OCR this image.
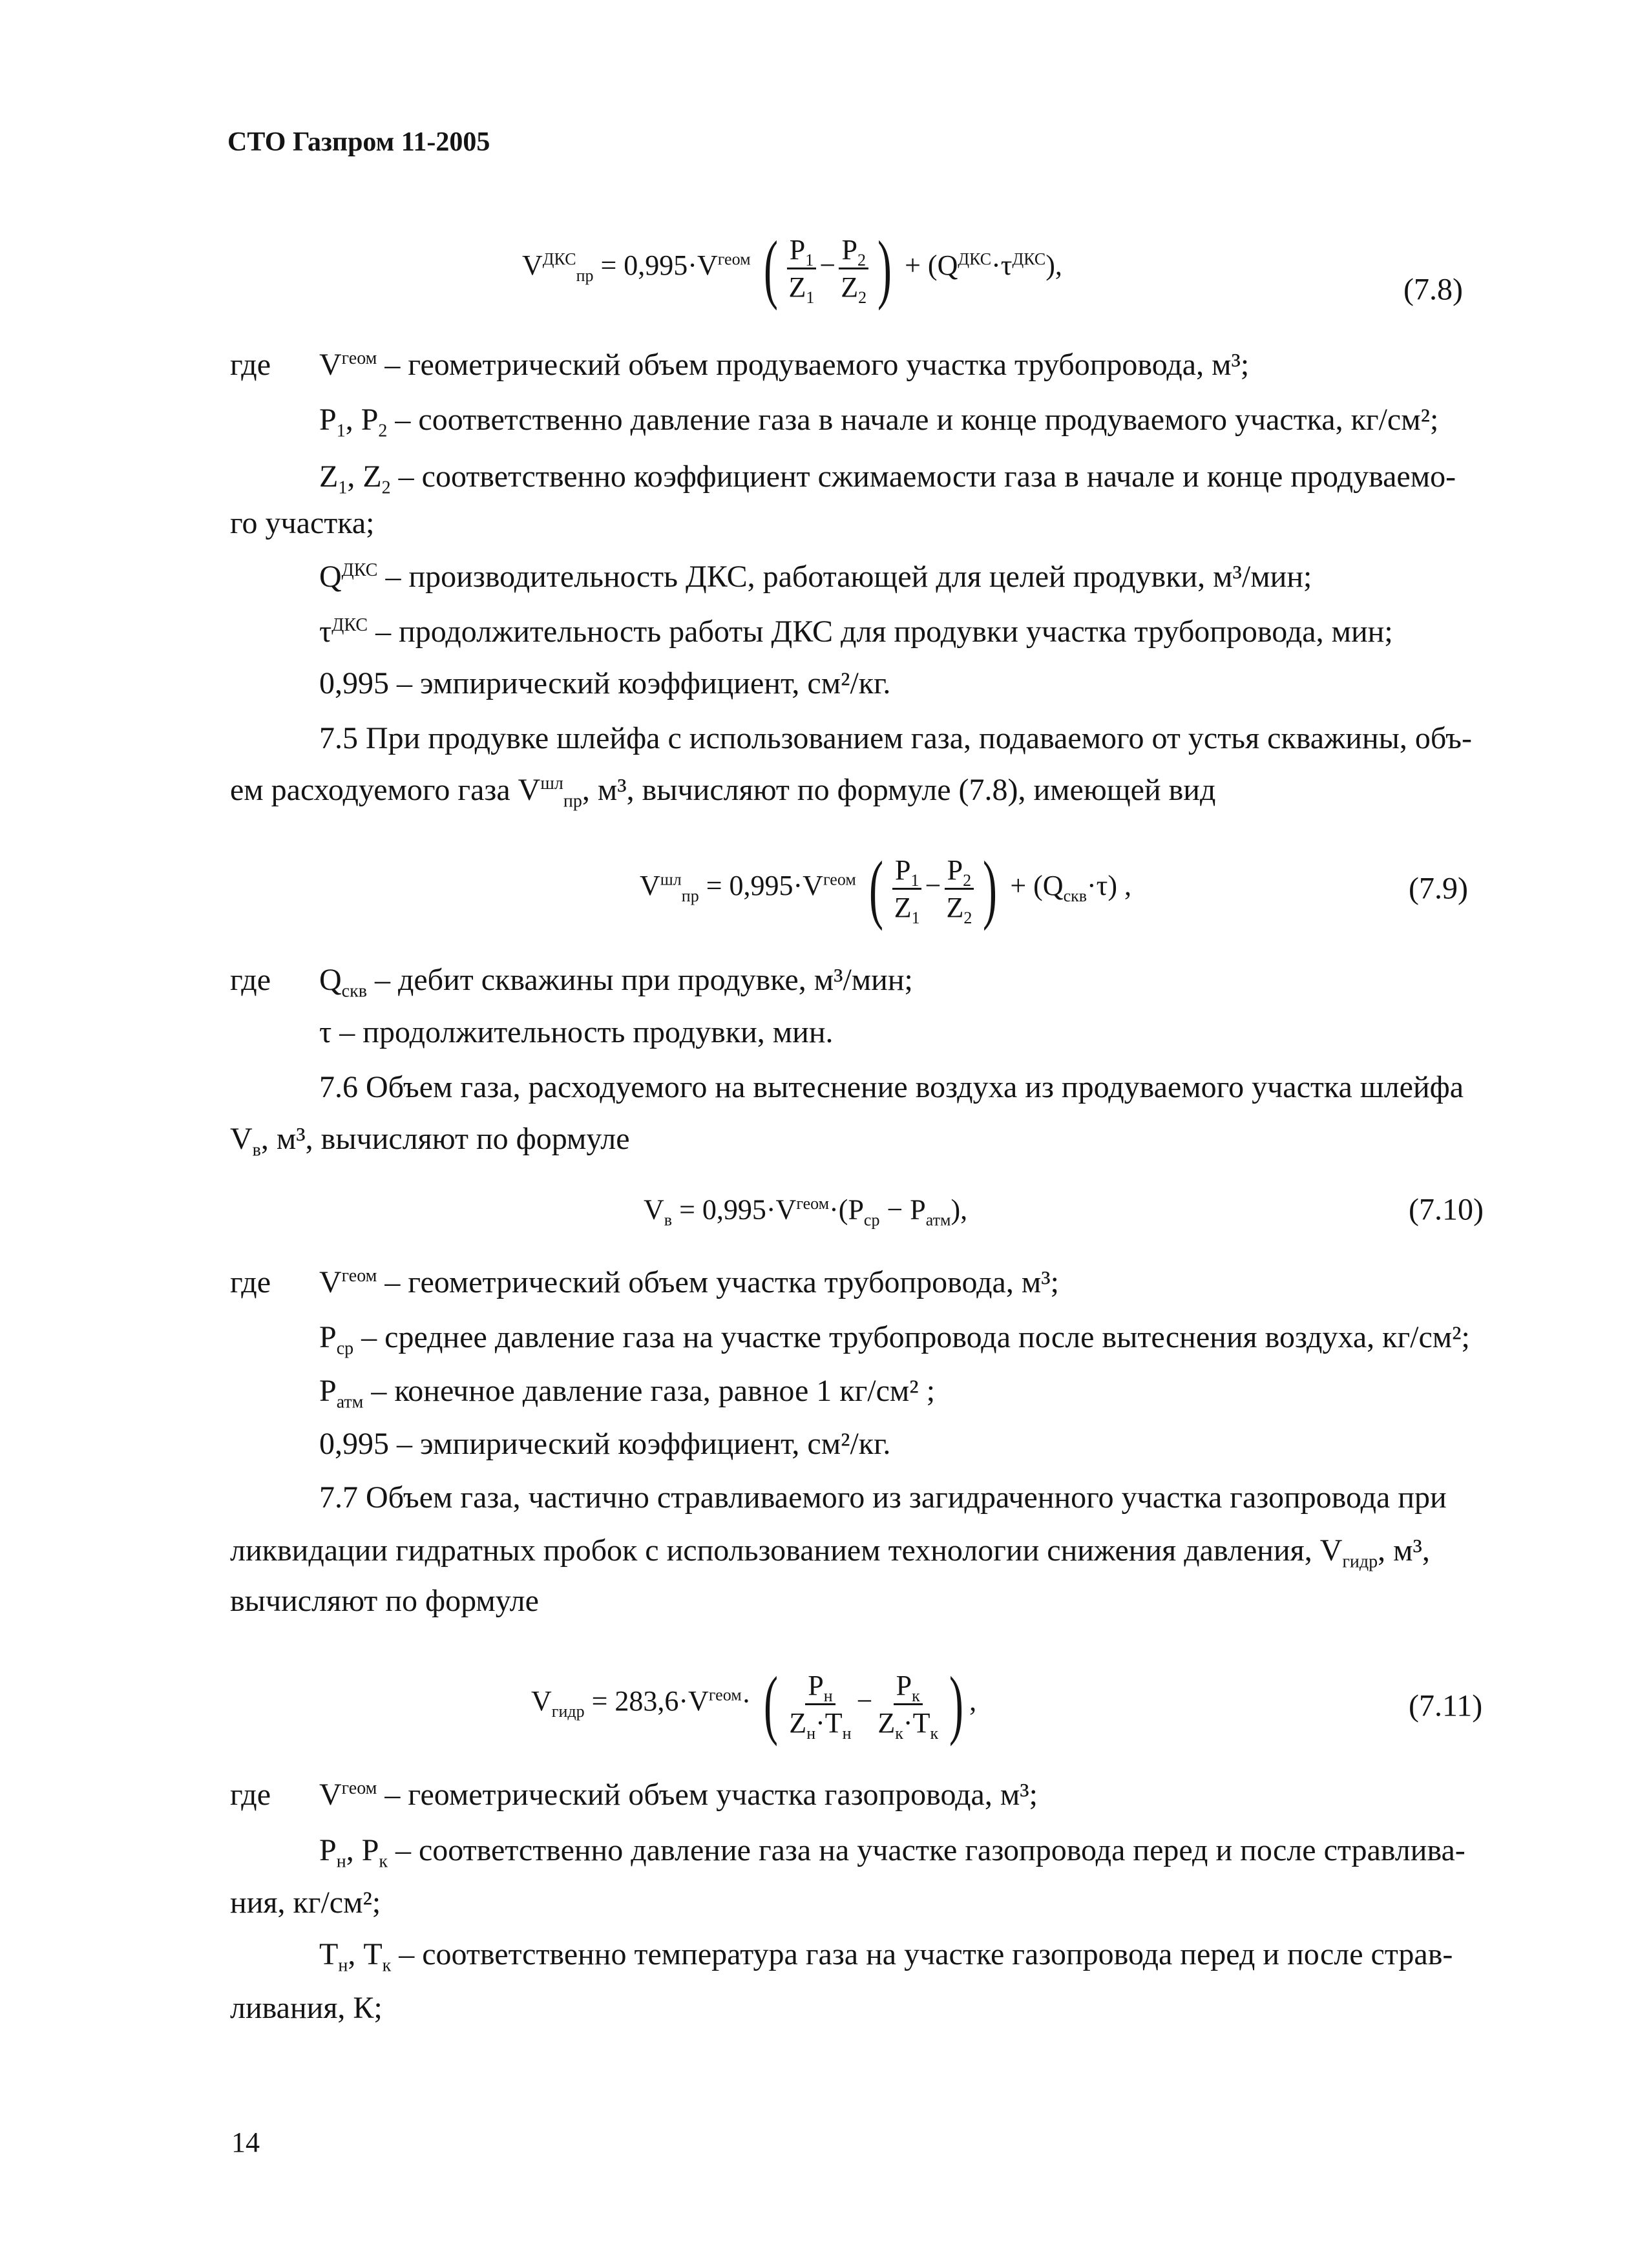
СТО Газпром 11-2005
$V^{ДКС}_{пр} = 0,995\cdot V^{геом}$ ( $\frac{P_1}{Z_1} - \frac{P_2}{Z_2}$ ) + $(Q^{ДКС}\cdot\tau^{ДКС})$,
(7.8)
где $V^{геом}$ – геометрический объем продуваемого участка трубопровода, м³;
$P_1$, $P_2$ – соответственно давление газа в начале и конце продуваемого участка, кг/см²;
$Z_1$, $Z_2$ – соответственно коэффициент сжимаемости газа в начале и конце продуваемо-
го участка;
$Q^{ДКС}$ – производительность ДКС, работающей для целей продувки, м³/мин;
$\tau^{ДКС}$ – продолжительность работы ДКС для продувки участка трубопровода, мин;
0,995 – эмпирический коэффициент, см²/кг.
7.5 При продувке шлейфа с использованием газа, подаваемого от устья скважины, объ-
ем расходуемого газа $V^{шл}_{пр}$, м³, вычисляют по формуле (7.8), имеющей вид
$V^{шл}_{пр} = 0,995\cdot V^{геом}$ ( $\frac{P_1}{Z_1} - \frac{P_2}{Z_2}$ ) + $(Q_{скв}\cdot\tau)$ ,	(7.9)
где $Q_{скв}$ – дебит скважины при продувке, м³/мин;
τ – продолжительность продувки, мин.
7.6 Объем газа, расходуемого на вытеснение воздуха из продуваемого участка шлейфа
$V_в$, м³, вычисляют по формуле
$V_в = 0,995\cdot V^{геом}\cdot(P_{ср} - P_{атм})$,	(7.10)
где $V^{геом}$ – геометрический объем участка трубопровода, м³;
$P_{ср}$ – среднее давление газа на участке трубопровода после вытеснения воздуха, кг/см²;
$P_{атм}$ – конечное давление газа, равное 1 кг/см² ;
0,995 – эмпирический коэффициент, см²/кг.
7.7 Объем газа, частично стравливаемого из загидраченного участка газопровода при
ликвидации гидратных пробок с использованием технологии снижения давления, $V_{гидр}$, м³,
вычисляют по формуле
$V_{гидр} = 283,6\cdot V^{геом}\cdot$ ( $\frac{P_н}{Z_н\cdot T_н} - \frac{P_к}{Z_к\cdot T_к}$ ) ,	(7.11)
где $V^{геом}$ – геометрический объем участка газопровода, м³;
$P_н$, $P_к$ – соответственно давление газа на участке газопровода перед и после стравлива-
ния, кг/см²;
$T_н$, $T_к$ – соответственно температура газа на участке газопровода перед и после страв-
ливания, К;
14
